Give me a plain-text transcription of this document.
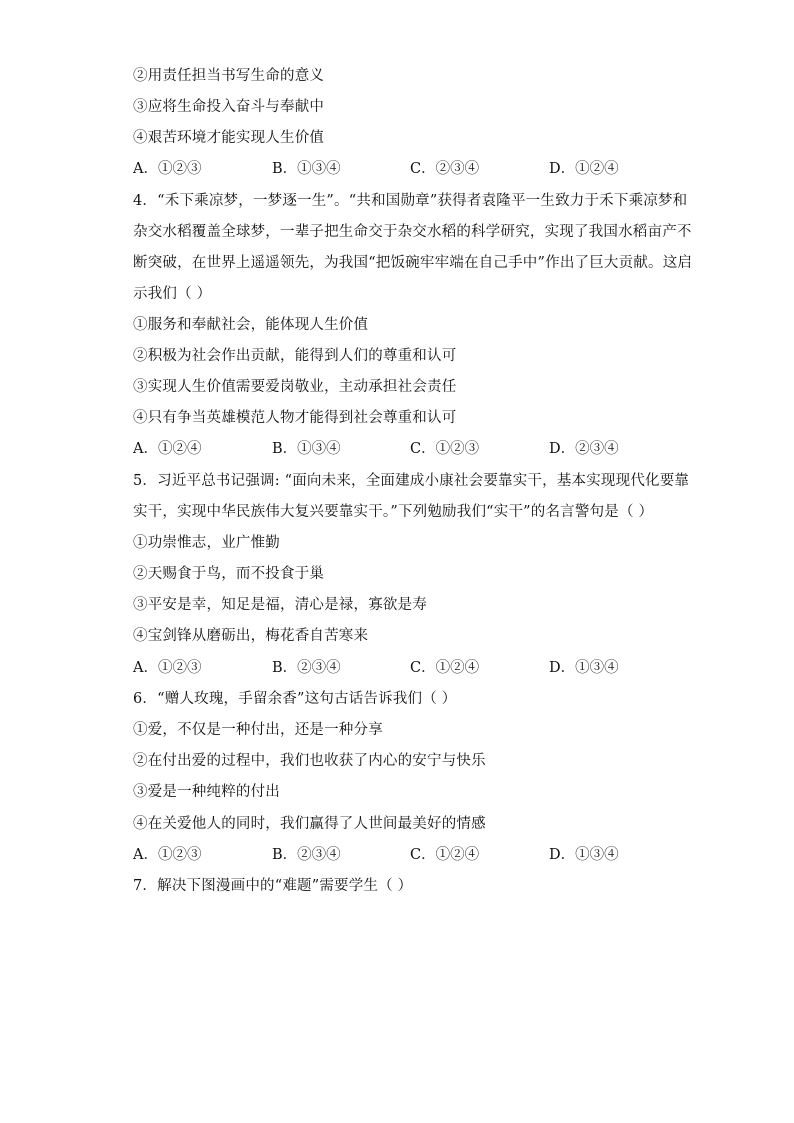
②用责任担当书写生命的意义
③应将生命投入奋斗与奉献中
④艰苦环境才能实现人生价值
A．①②③	B．①③④	C．②③④	D．①②④
4．“禾下乘凉梦，一梦逐一生”。“共和国勋章”获得者袁隆平一生致力于禾下乘凉梦和
杂交水稻覆盖全球梦，一辈子把生命交于杂交水稻的科学研究，实现了我国水稻亩产不
断突破，在世界上遥遥领先，为我国“把饭碗牢牢端在自己手中”作出了巨大贡献。这启
示我们（ ）
①服务和奉献社会，能体现人生价值
②积极为社会作出贡献，能得到人们的尊重和认可
③实现人生价值需要爱岗敬业，主动承担社会责任
④只有争当英雄模范人物才能得到社会尊重和认可
A．①②④	B．①③④	C．①②③	D．②③④
5．习近平总书记强调: “面向未来，全面建成小康社会要靠实干，基本实现现代化要靠
实干，实现中华民族伟大复兴要靠实干。”下列勉励我们“实干”的名言警句是（ ）
①功崇惟志，业广惟勤
②天赐食于鸟，而不投食于巢
③平安是幸，知足是福，清心是禄，寡欲是寿
④宝剑锋从磨砺出，梅花香自苦寒来
A．①②③	B．②③④	C．①②④	D．①③④
6．“赠人玫瑰，手留余香”这句古话告诉我们（ ）
①爱，不仅是一种付出，还是一种分享
②在付出爱的过程中，我们也收获了内心的安宁与快乐
③爱是一种纯粹的付出
④在关爱他人的同时，我们赢得了人世间最美好的情感
A．①②③	B．②③④	C．①②④	D．①③④
7．解决下图漫画中的“难题”需要学生（ ）
